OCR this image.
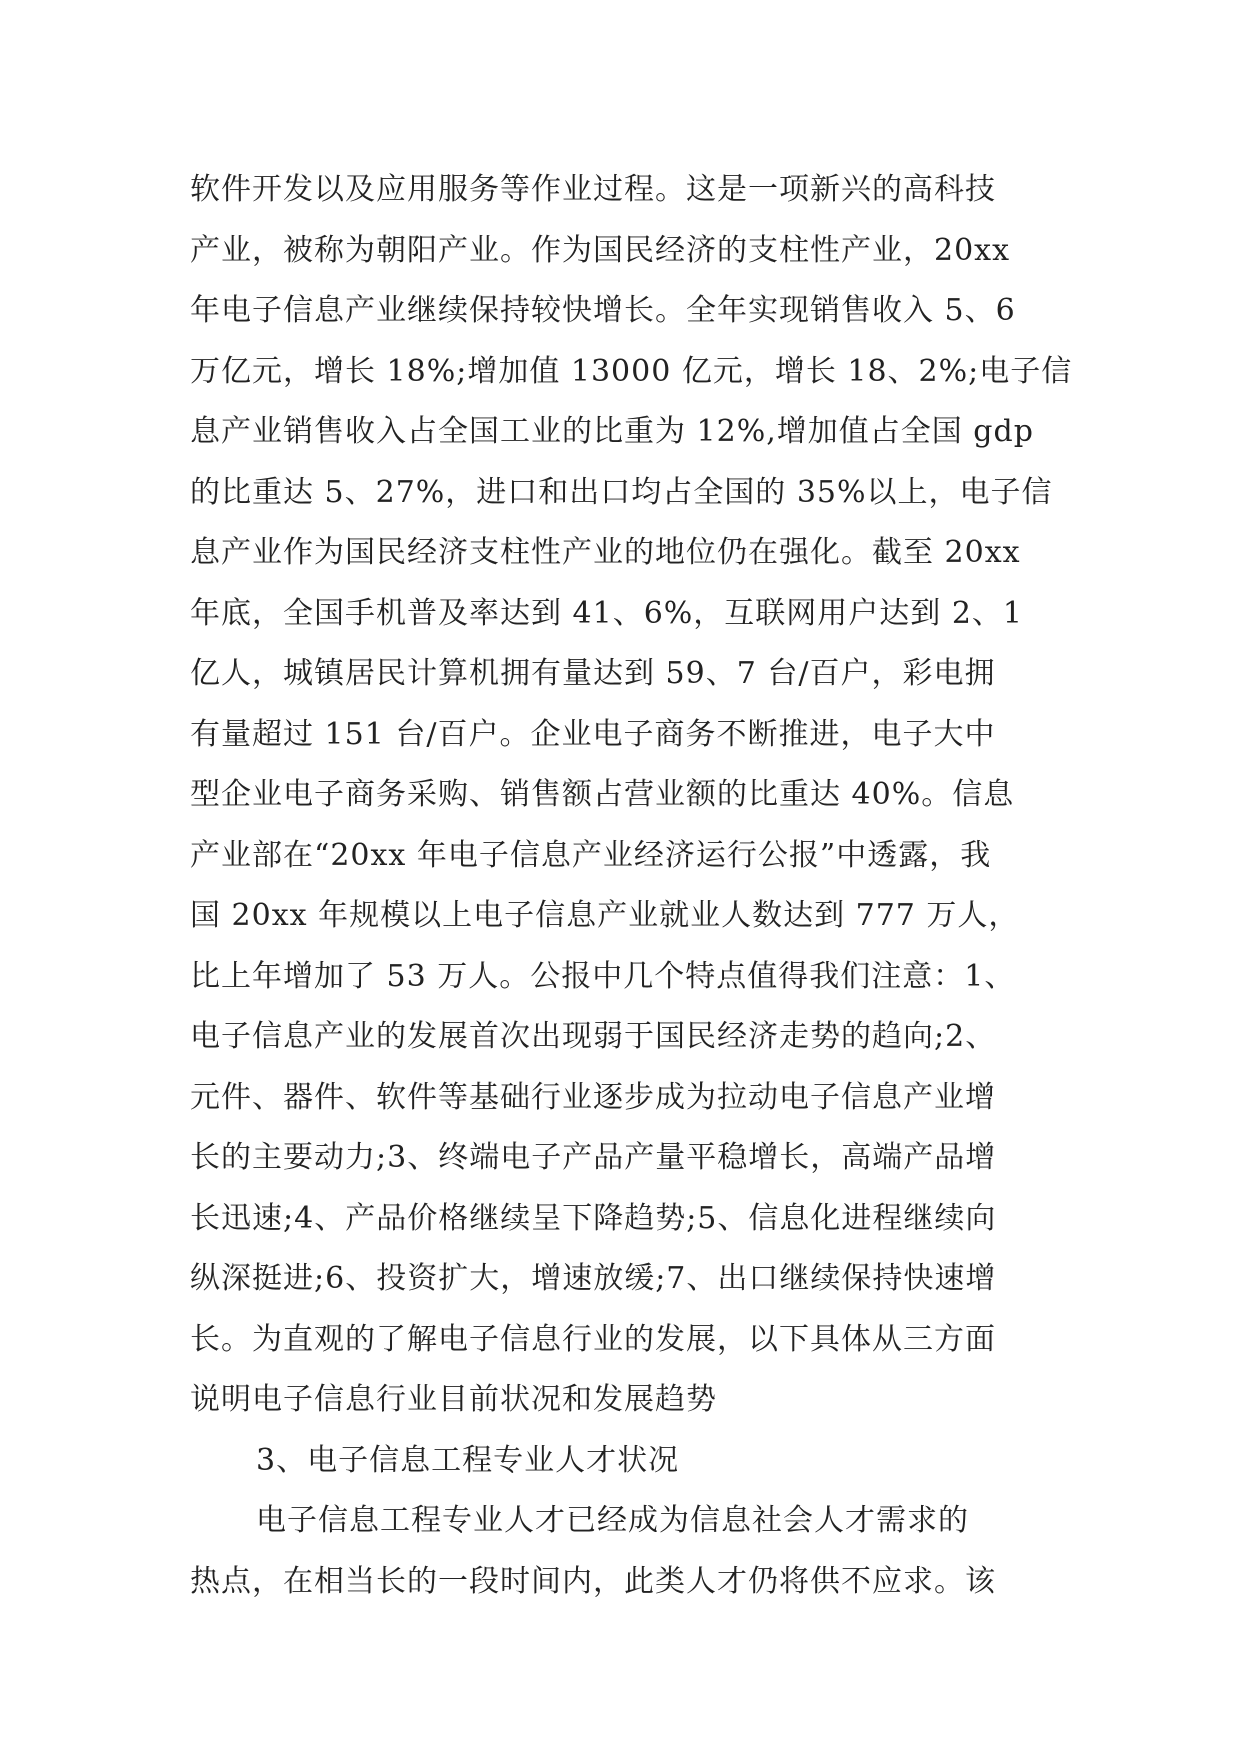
软件开发以及应用服务等作业过程。这是一项新兴的高科技
产业，被称为朝阳产业。作为国民经济的支柱性产业，20xx
年电子信息产业继续保持较快增长。全年实现销售收入 5、6
万亿元，增长 18%;增加值 13000 亿元，增长 18、2%;电子信
息产业销售收入占全国工业的比重为 12%,增加值占全国 gdp
的比重达 5、27%，进口和出口均占全国的 35%以上，电子信
息产业作为国民经济支柱性产业的地位仍在强化。截至 20xx
年底，全国手机普及率达到 41、6%，互联网用户达到 2、1
亿人，城镇居民计算机拥有量达到 59、7 台/百户，彩电拥
有量超过 151 台/百户。企业电子商务不断推进，电子大中
型企业电子商务采购、销售额占营业额的比重达 40%。信息
产业部在“20xx 年电子信息产业经济运行公报”中透露，我
国 20xx 年规模以上电子信息产业就业人数达到 777 万人，
比上年增加了 53 万人。公报中几个特点值得我们注意：1、
电子信息产业的发展首次出现弱于国民经济走势的趋向;2、
元件、器件、软件等基础行业逐步成为拉动电子信息产业增
长的主要动力;3、终端电子产品产量平稳增长，高端产品增
长迅速;4、产品价格继续呈下降趋势;5、信息化进程继续向
纵深挺进;6、投资扩大，增速放缓;7、出口继续保持快速增
长。为直观的了解电子信息行业的发展，以下具体从三方面
说明电子信息行业目前状况和发展趋势
3、电子信息工程专业人才状况
电子信息工程专业人才已经成为信息社会人才需求的
热点，在相当长的一段时间内，此类人才仍将供不应求。该
